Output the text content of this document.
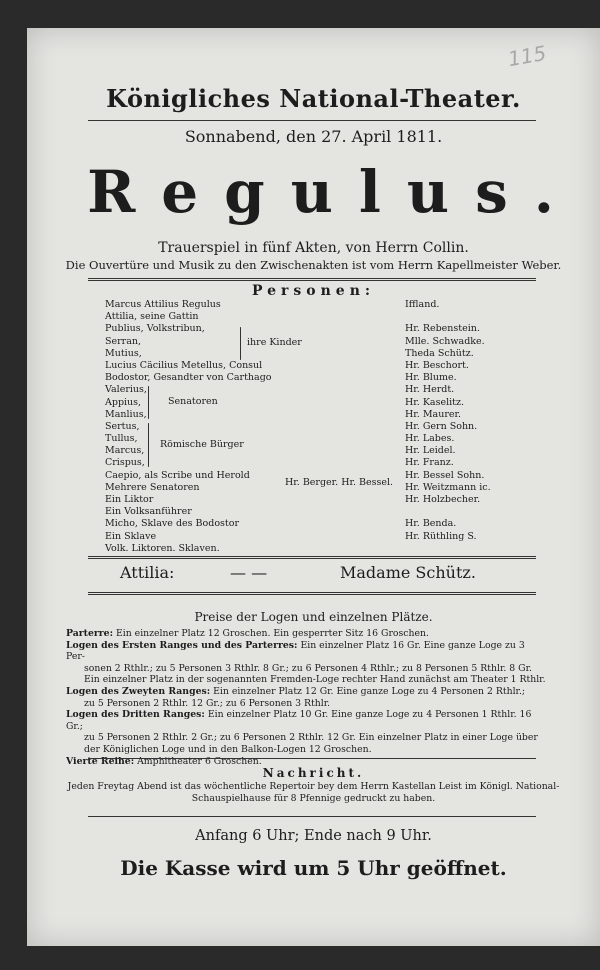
115
Königliches National-Theater.
Sonnabend, den 27. April 1811.
Regulus.
Trauerspiel in fünf Akten, von Herrn Collin.
Die Ouvertüre und Musik zu den Zwischenakten ist vom Herrn Kapellmeister Weber.
Personen:
Marcus Attilius Regulus
Attilia, seine Gattin
Publius, Volkstribun,
Serran,
Mutius,
Lucius Cäcilius Metellus, Consul
Bodostor, Gesandter von Carthago
Valerius,
Appius,
Manlius,
Sertus,
Tullus,
Marcus,
Crispus,
Caepio, als Scribe und Herold
Mehrere Senatoren
Ein Liktor
Ein Volksanführer
Micho, Sklave des Bodostor
Ein Sklave
Volk. Liktoren. Sklaven.
Iffland.
Hr. Rebenstein.
Mlle. Schwadke.
Theda Schütz.
Hr. Beschort.
Hr. Blume.
Hr. Herdt.
Hr. Kaselitz.
Hr. Maurer.
Hr. Gern Sohn.
Hr. Labes.
Hr. Leidel.
Hr. Franz.
Hr. Bessel Sohn.
Hr. Weitzmann ic.
Hr. Holzbecher.
Hr. Benda.
Hr. Rüthling S.
ihre Kinder
Senatoren
Römische Bürger
Hr. Berger. Hr. Bessel.
Attilia:	— —	Madame Schütz.
Preise der Logen und einzelnen Plätze.
Parterre: Ein einzelner Platz 12 Groschen. Ein gesperrter Sitz 16 Groschen.
Logen des Ersten Ranges und des Parterres: Ein einzelner Platz 16 Gr. Eine ganze Loge zu 3 Per-
sonen 2 Rthlr.; zu 5 Personen 3 Rthlr. 8 Gr.; zu 6 Personen 4 Rthlr.; zu 8 Personen 5 Rthlr. 8 Gr.
Ein einzelner Platz in der sogenannten Fremden-Loge rechter Hand zunächst am Theater 1 Rthlr.
Logen des Zweyten Ranges: Ein einzelner Platz 12 Gr. Eine ganze Loge zu 4 Personen 2 Rthlr.;
zu 5 Personen 2 Rthlr. 12 Gr.; zu 6 Personen 3 Rthlr.
Logen des Dritten Ranges: Ein einzelner Platz 10 Gr. Eine ganze Loge zu 4 Personen 1 Rthlr. 16 Gr.;
zu 5 Personen 2 Rthlr. 2 Gr.; zu 6 Personen 2 Rthlr. 12 Gr. Ein einzelner Platz in einer Loge über
der Königlichen Loge und in den Balkon-Logen 12 Groschen.
Vierte Reihe: Amphitheater 6 Groschen.
Nachricht.
Jeden Freytag Abend ist das wöchentliche Repertoir bey dem Herrn Kastellan Leist im Königl. National-
Schauspielhause für 8 Pfennige gedruckt zu haben.
Anfang 6 Uhr; Ende nach 9 Uhr.
Die Kasse wird um 5 Uhr geöffnet.
